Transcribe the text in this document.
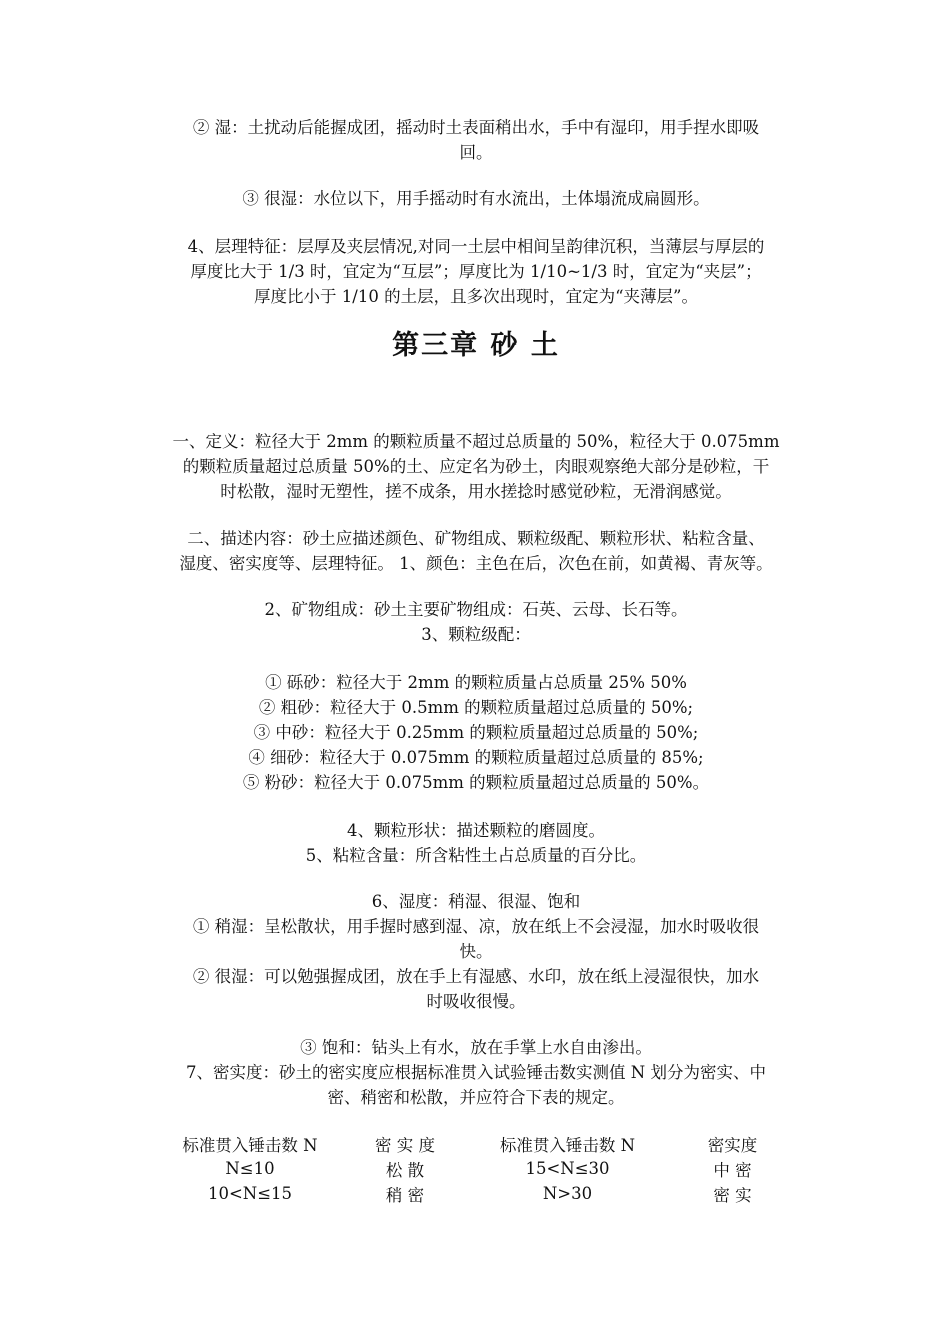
② 湿：土扰动后能握成团，摇动时土表面稍出水，手中有湿印，用手捏水即吸

回。

③ 很湿：水位以下，用手摇动时有水流出，土体塌流成扁圆形。

4、层理特征：层厚及夹层情况,对同一土层中相间呈韵律沉积，当薄层与厚层的

厚度比大于 1/3 时，宜定为“互层”；厚度比为 1/10~1/3 时，宜定为“夹层”；

厚度比小于 1/10 的土层，且多次出现时，宜定为“夹薄层”。

第三章 砂 土

一、定义：粒径大于 2mm 的颗粒质量不超过总质量的 50%，粒径大于 0.075mm

的颗粒质量超过总质量 50%的土、应定名为砂土，肉眼观察绝大部分是砂粒，干

时松散，湿时无塑性，搓不成条，用水搓捻时感觉砂粒，无滑润感觉。

二、描述内容：砂土应描述颜色、矿物组成、颗粒级配、颗粒形状、粘粒含量、

湿度、密实度等、层理特征。 1、颜色：主色在后，次色在前，如黄褐、青灰等。

2、矿物组成：砂土主要矿物组成：石英、云母、长石等。

3、颗粒级配：

① 砾砂：粒径大于 2mm 的颗粒质量占总质量 25% 50%

② 粗砂：粒径大于 0.5mm 的颗粒质量超过总质量的 50%;

③ 中砂：粒径大于 0.25mm 的颗粒质量超过总质量的 50%;

④ 细砂：粒径大于 0.075mm 的颗粒质量超过总质量的 85%;

⑤ 粉砂：粒径大于 0.075mm 的颗粒质量超过总质量的 50%。

4、颗粒形状：描述颗粒的磨圆度。

5、粘粒含量：所含粘性土占总质量的百分比。

6、湿度：稍湿、很湿、饱和

① 稍湿：呈松散状，用手握时感到湿、凉，放在纸上不会浸湿，加水时吸收很

快。

② 很湿：可以勉强握成团，放在手上有湿感、水印，放在纸上浸湿很快，加水

时吸收很慢。

③ 饱和：钻头上有水，放在手掌上水自由渗出。

7、密实度：砂土的密实度应根据标准贯入试验锤击数实测值 N 划分为密实、中

密、稍密和松散，并应符合下表的规定。

标准贯入锤击数 N	密 实 度	标准贯入锤击数 N	密实度
N≤10	松 散	15<N≤30	中 密
10<N≤15	稍 密	N>30	密 实
